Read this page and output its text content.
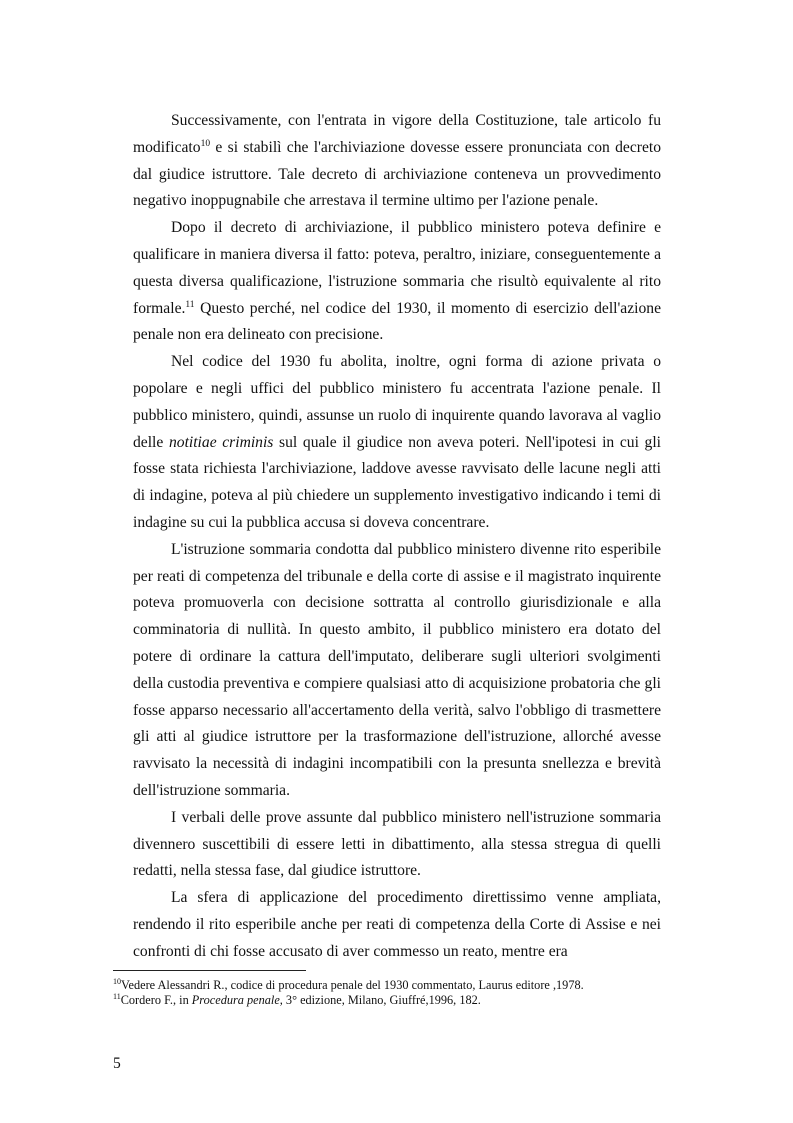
Successivamente, con l'entrata in vigore della Costituzione, tale articolo fu modificato$^{10}$ e si stabilì che l'archiviazione dovesse essere pronunciata con decreto dal giudice istruttore. Tale decreto di archiviazione conteneva un provvedimento negativo inoppugnabile che arrestava il termine ultimo per l'azione penale.

Dopo il decreto di archiviazione, il pubblico ministero poteva definire e qualificare in maniera diversa il fatto: poteva, peraltro, iniziare, conseguentemente a questa diversa qualificazione, l'istruzione sommaria che risultò equivalente al rito formale.$^{11}$ Questo perché, nel codice del 1930, il momento di esercizio dell'azione penale non era delineato con precisione.

Nel codice del 1930 fu abolita, inoltre, ogni forma di azione privata o popolare e negli uffici del pubblico ministero fu accentrata l'azione penale. Il pubblico ministero, quindi, assunse un ruolo di inquirente quando lavorava al vaglio delle notitiae criminis sul quale il giudice non aveva poteri. Nell'ipotesi in cui gli fosse stata richiesta l'archiviazione, laddove avesse ravvisato delle lacune negli atti di indagine, poteva al più chiedere un supplemento investigativo indicando i temi di indagine su cui la pubblica accusa si doveva concentrare.

L'istruzione sommaria condotta dal pubblico ministero divenne rito esperibile per reati di competenza del tribunale e della corte di assise e il magistrato inquirente poteva promuoverla con decisione sottratta al controllo giurisdizionale e alla comminatoria di nullità. In questo ambito, il pubblico ministero era dotato del potere di ordinare la cattura dell'imputato, deliberare sugli ulteriori svolgimenti della custodia preventiva e compiere qualsiasi atto di acquisizione probatoria che gli fosse apparso necessario all'accertamento della verità, salvo l'obbligo di trasmettere gli atti al giudice istruttore per la trasformazione dell'istruzione, allorché avesse ravvisato la necessità di indagini incompatibili con la presunta snellezza e brevità dell'istruzione sommaria.

I verbali delle prove assunte dal pubblico ministero nell'istruzione sommaria divennero suscettibili di essere letti in dibattimento, alla stessa stregua di quelli redatti, nella stessa fase, dal giudice istruttore.

La sfera di applicazione del procedimento direttissimo venne ampliata, rendendo il rito esperibile anche per reati di competenza della Corte di Assise e nei confronti di chi fosse accusato di aver commesso un reato, mentre era

$^{10}$Vedere Alessandri R., codice di procedura penale del 1930 commentato, Laurus editore ,1978.

$^{11}$Cordero F., in Procedura penale, 3° edizione, Milano, Giuffré,1996, 182.

5
